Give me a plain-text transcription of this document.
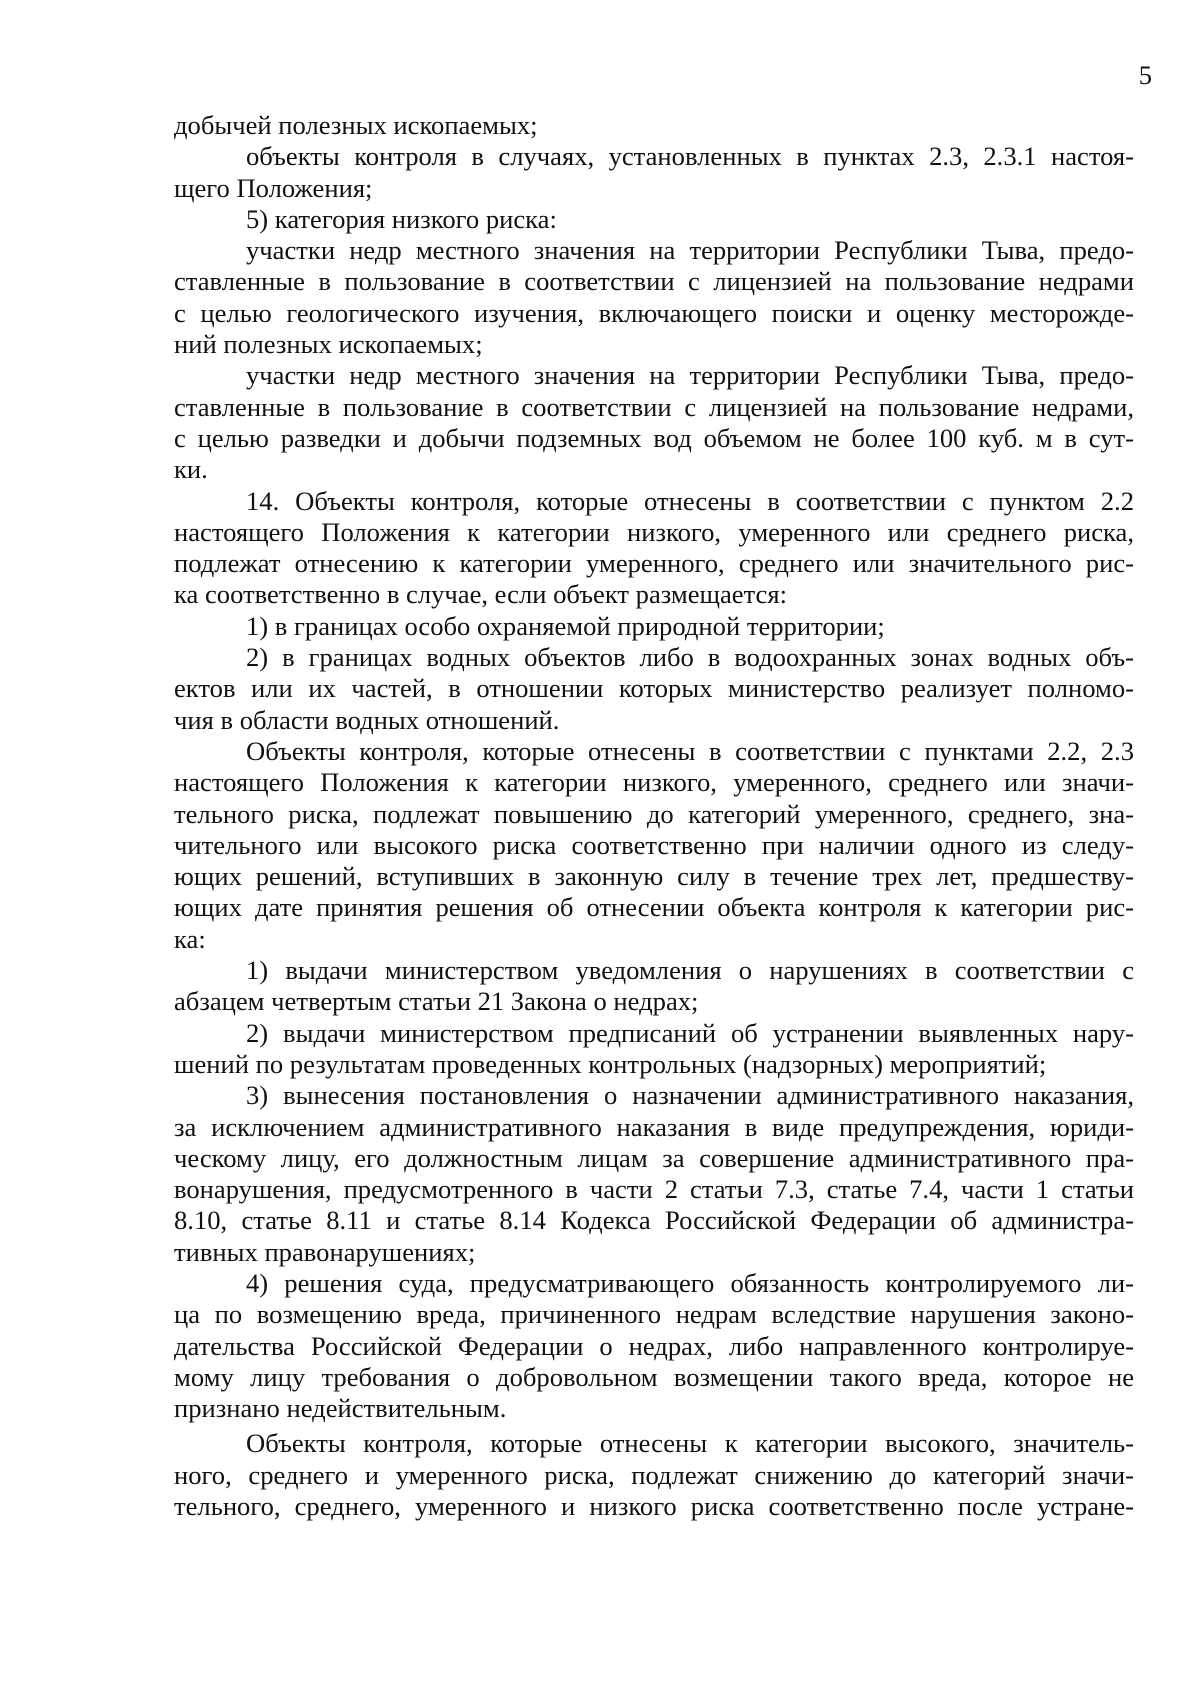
5
добычей полезных ископаемых;
объекты контроля в случаях, установленных в пунктах 2.3, 2.3.1 настоя-
щего Положения;
5) категория низкого риска:
участки недр местного значения на территории Республики Тыва, предо-
ставленные в пользование в соответствии с лицензией на пользование недрами
с целью геологического изучения, включающего поиски и оценку месторожде-
ний полезных ископаемых;
участки недр местного значения на территории Республики Тыва, предо-
ставленные в пользование в соответствии с лицензией на пользование недрами,
с целью разведки и добычи подземных вод объемом не более 100 куб. м в сут-
ки.
14. Объекты контроля, которые отнесены в соответствии с пунктом 2.2
настоящего Положения к категории низкого, умеренного или среднего риска,
подлежат отнесению к категории умеренного, среднего или значительного рис-
ка соответственно в случае, если объект размещается:
1) в границах особо охраняемой природной территории;
2) в границах водных объектов либо в водоохранных зонах водных объ-
ектов или их частей, в отношении которых министерство реализует полномо-
чия в области водных отношений.
Объекты контроля, которые отнесены в соответствии с пунктами 2.2, 2.3
настоящего Положения к категории низкого, умеренного, среднего или значи-
тельного риска, подлежат повышению до категорий умеренного, среднего, зна-
чительного или высокого риска соответственно при наличии одного из следу-
ющих решений, вступивших в законную силу в течение трех лет, предшеству-
ющих дате принятия решения об отнесении объекта контроля к категории рис-
ка:
1) выдачи министерством уведомления о нарушениях в соответствии с
абзацем четвертым статьи 21 Закона о недрах;
2) выдачи министерством предписаний об устранении выявленных нару-
шений по результатам проведенных контрольных (надзорных) мероприятий;
3) вынесения постановления о назначении административного наказания,
за исключением административного наказания в виде предупреждения, юриди-
ческому лицу, его должностным лицам за совершение административного пра-
вонарушения, предусмотренного в части 2 статьи 7.3, статье 7.4, части 1 статьи
8.10, статье 8.11 и статье 8.14 Кодекса Российской Федерации об администра-
тивных правонарушениях;
4) решения суда, предусматривающего обязанность контролируемого ли-
ца по возмещению вреда, причиненного недрам вследствие нарушения законо-
дательства Российской Федерации о недрах, либо направленного контролируе-
мому лицу требования о добровольном возмещении такого вреда, которое не
признано недействительным.
Объекты контроля, которые отнесены к категории высокого, значитель-
ного, среднего и умеренного риска, подлежат снижению до категорий значи-
тельного, среднего, умеренного и низкого риска соответственно после устране-
